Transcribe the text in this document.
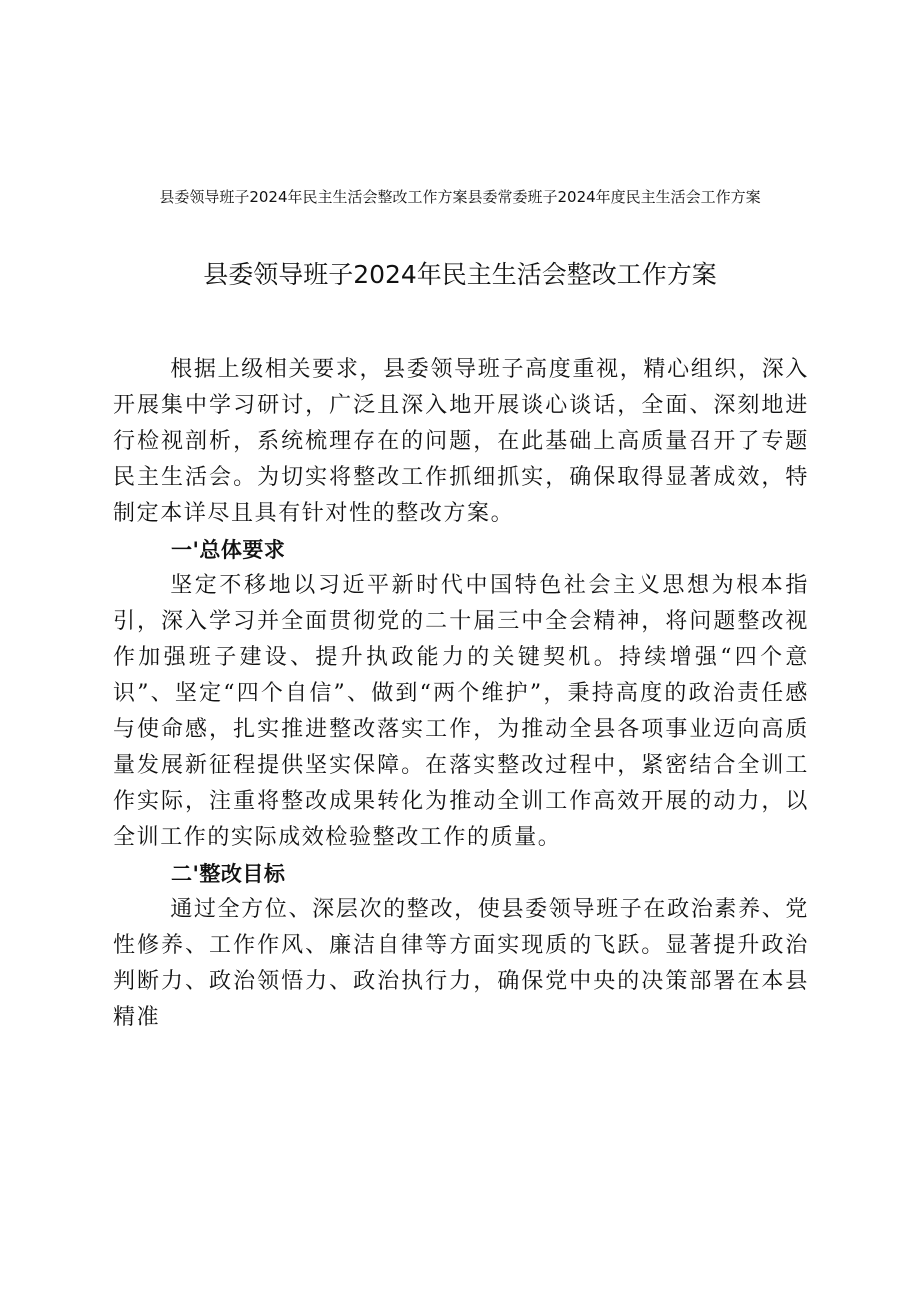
县委领导班子2024年民主生活会整改工作方案县委常委班子2024年度民主生活会工作方案
县委领导班子2024年民主生活会整改工作方案

根据上级相关要求，县委领导班子高度重视，精心组织，深入开展集中学习研讨，广泛且深入地开展谈心谈话，全面、深刻地进行检视剖析，系统梳理存在的问题，在此基础上高质量召开了专题民主生活会。为切实将整改工作抓细抓实，确保取得显著成效，特制定本详尽且具有针对性的整改方案。

一'总体要求

坚定不移地以习近平新时代中国特色社会主义思想为根本指引，深入学习并全面贯彻党的二十届三中全会精神，将问题整改视作加强班子建设、提升执政能力的关键契机。持续增强“四个意识”、坚定“四个自信”、做到“两个维护”，秉持高度的政治责任感与使命感，扎实推进整改落实工作，为推动全县各项事业迈向高质量发展新征程提供坚实保障。在落实整改过程中，紧密结合全训工作实际，注重将整改成果转化为推动全训工作高效开展的动力，以全训工作的实际成效检验整改工作的质量。

二'整改目标

通过全方位、深层次的整改，使县委领导班子在政治素养、党性修养、工作作风、廉洁自律等方面实现质的飞跃。显著提升政治判断力、政治领悟力、政治执行力，确保党中央的决策部署在本县精准
